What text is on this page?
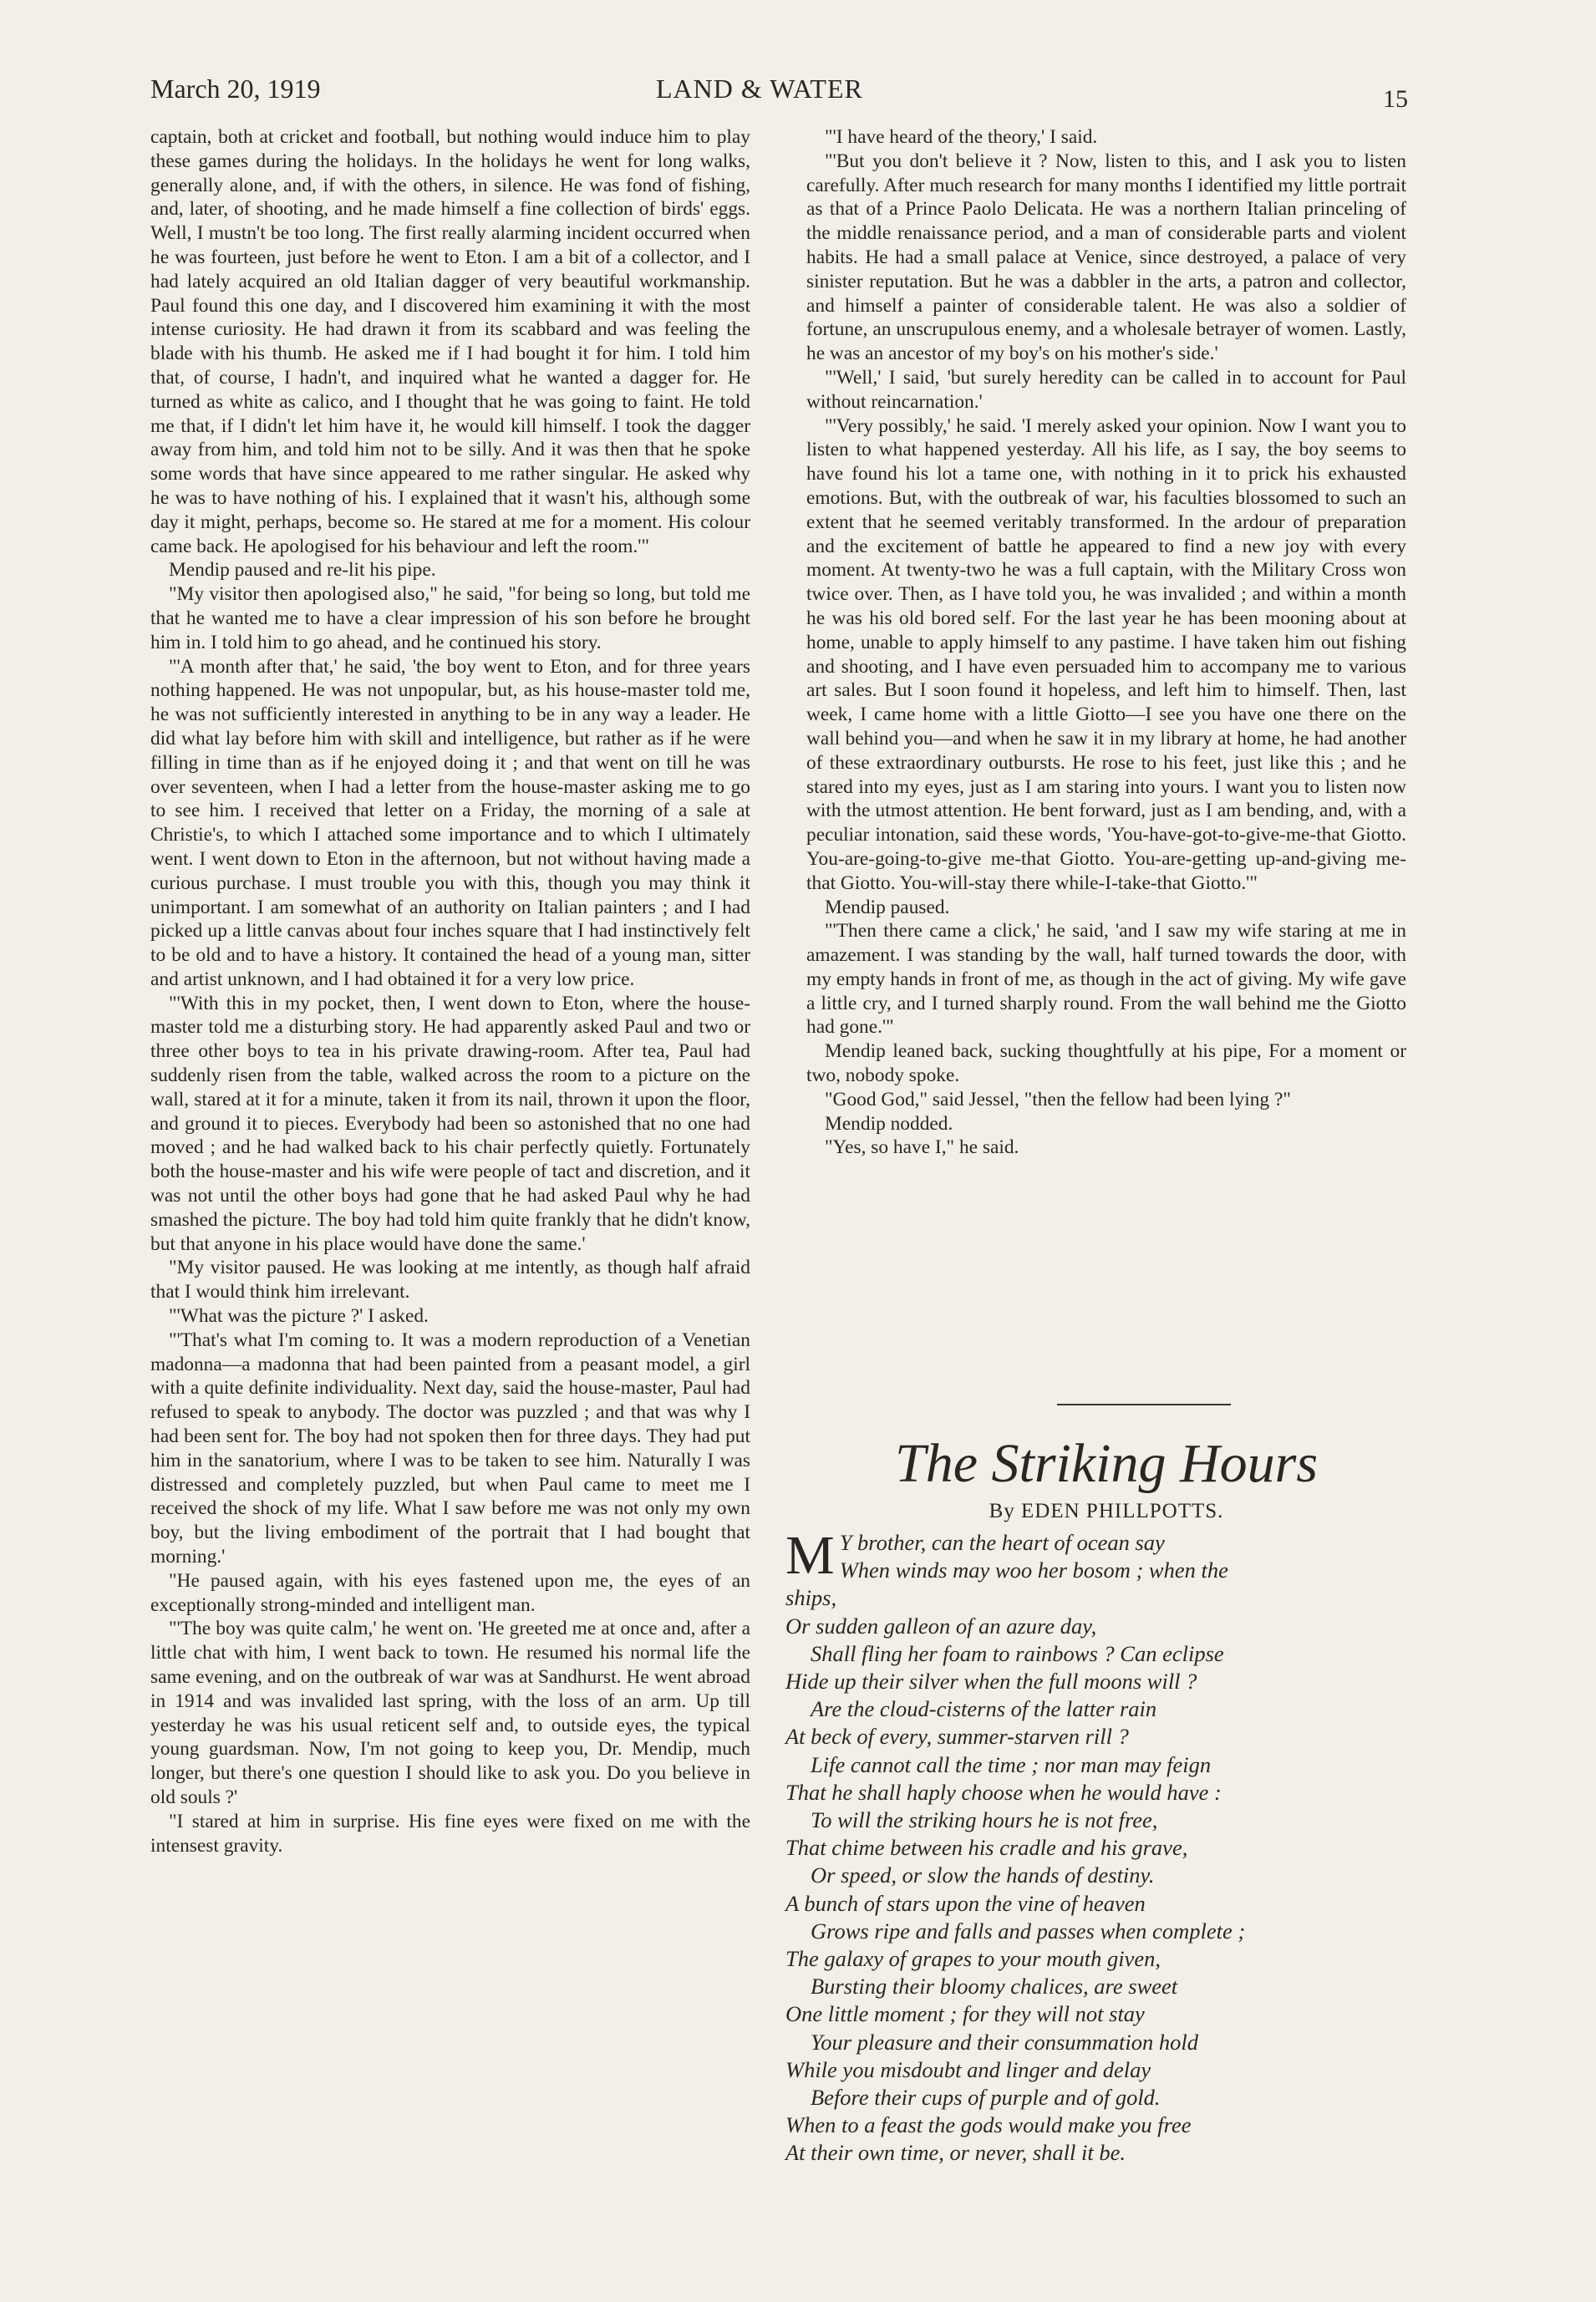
March 20, 1919	LAND & WATER	15

captain, both at cricket and football, but nothing would induce him to play these games during the holidays. In the holidays he went for long walks, generally alone, and, if with the others, in silence. He was fond of fishing, and, later, of shooting, and he made himself a fine collection of birds' eggs. Well, I mustn't be too long. The first really alarming incident occurred when he was fourteen, just before he went to Eton. I am a bit of a collector, and I had lately acquired an old Italian dagger of very beautiful workmanship. Paul found this one day, and I discovered him examining it with the most intense curiosity. He had drawn it from its scabbard and was feeling the blade with his thumb. He asked me if I had bought it for him. I told him that, of course, I hadn't, and inquired what he wanted a dagger for. He turned as white as calico, and I thought that he was going to faint. He told me that, if I didn't let him have it, he would kill himself. I took the dagger away from him, and told him not to be silly. And it was then that he spoke some words that have since appeared to me rather singular. He asked why he was to have nothing of his. I explained that it wasn't his, although some day it might, perhaps, become so. He stared at me for a moment. His colour came back. He apologised for his behaviour and left the room.'"

Mendip paused and re-lit his pipe.

"My visitor then apologised also," he said, "for being so long, but told me that he wanted me to have a clear impression of his son before he brought him in. I told him to go ahead, and he continued his story.

"'A month after that,' he said, 'the boy went to Eton, and for three years nothing happened. He was not unpopular, but, as his house-master told me, he was not sufficiently interested in anything to be in any way a leader. He did what lay before him with skill and intelligence, but rather as if he were filling in time than as if he enjoyed doing it ; and that went on till he was over seventeen, when I had a letter from the house-master asking me to go to see him. I received that letter on a Friday, the morning of a sale at Christie's, to which I attached some importance and to which I ultimately went. I went down to Eton in the afternoon, but not without having made a curious purchase. I must trouble you with this, though you may think it unimportant. I am somewhat of an authority on Italian painters ; and I had picked up a little canvas about four inches square that I had instinctively felt to be old and to have a history. It contained the head of a young man, sitter and artist unknown, and I had obtained it for a very low price.

"'With this in my pocket, then, I went down to Eton, where the house-master told me a disturbing story. He had apparently asked Paul and two or three other boys to tea in his private drawing-room. After tea, Paul had suddenly risen from the table, walked across the room to a picture on the wall, stared at it for a minute, taken it from its nail, thrown it upon the floor, and ground it to pieces. Everybody had been so astonished that no one had moved ; and he had walked back to his chair perfectly quietly. Fortunately both the house-master and his wife were people of tact and discretion, and it was not until the other boys had gone that he had asked Paul why he had smashed the picture. The boy had told him quite frankly that he didn't know, but that anyone in his place would have done the same.'

"My visitor paused. He was looking at me intently, as though half afraid that I would think him irrelevant.

"'What was the picture ?' I asked.

"'That's what I'm coming to. It was a modern reproduction of a Venetian madonna—a madonna that had been painted from a peasant model, a girl with a quite definite individuality. Next day, said the house-master, Paul had refused to speak to anybody. The doctor was puzzled ; and that was why I had been sent for. The boy had not spoken then for three days. They had put him in the sanatorium, where I was to be taken to see him. Naturally I was distressed and completely puzzled, but when Paul came to meet me I received the shock of my life. What I saw before me was not only my own boy, but the living embodiment of the portrait that I had bought that morning.'

"He paused again, with his eyes fastened upon me, the eyes of an exceptionally strong-minded and intelligent man.

"'The boy was quite calm,' he went on. 'He greeted me at once and, after a little chat with him, I went back to town. He resumed his normal life the same evening, and on the outbreak of war was at Sandhurst. He went abroad in 1914 and was invalided last spring, with the loss of an arm. Up till yesterday he was his usual reticent self and, to outside eyes, the typical young guardsman. Now, I'm not going to keep you, Dr. Mendip, much longer, but there's one question I should like to ask you. Do you believe in old souls ?'

"I stared at him in surprise. His fine eyes were fixed on me with the intensest gravity.

"'I have heard of the theory,' I said.

"'But you don't believe it ? Now, listen to this, and I ask you to listen carefully. After much research for many months I identified my little portrait as that of a Prince Paolo Delicata. He was a northern Italian princeling of the middle renaissance period, and a man of considerable parts and violent habits. He had a small palace at Venice, since destroyed, a palace of very sinister reputation. But he was a dabbler in the arts, a patron and collector, and himself a painter of considerable talent. He was also a soldier of fortune, an unscrupulous enemy, and a wholesale betrayer of women. Lastly, he was an ancestor of my boy's on his mother's side.'

"'Well,' I said, 'but surely heredity can be called in to account for Paul without reincarnation.'

"'Very possibly,' he said. 'I merely asked your opinion. Now I want you to listen to what happened yesterday. All his life, as I say, the boy seems to have found his lot a tame one, with nothing in it to prick his exhausted emotions. But, with the outbreak of war, his faculties blossomed to such an extent that he seemed veritably transformed. In the ardour of preparation and the excitement of battle he appeared to find a new joy with every moment. At twenty-two he was a full captain, with the Military Cross won twice over. Then, as I have told you, he was invalided ; and within a month he was his old bored self. For the last year he has been mooning about at home, unable to apply himself to any pastime. I have taken him out fishing and shooting, and I have even persuaded him to accompany me to various art sales. But I soon found it hopeless, and left him to himself. Then, last week, I came home with a little Giotto—I see you have one there on the wall behind you—and when he saw it in my library at home, he had another of these extraordinary outbursts. He rose to his feet, just like this ; and he stared into my eyes, just as I am staring into yours. I want you to listen now with the utmost attention. He bent forward, just as I am bending, and, with a peculiar intonation, said these words, 'You-have-got-to-give-me-that Giotto. You-are-going-to-give me-that Giotto. You-are-getting up-and-giving me-that Giotto. You-will-stay there while-I-take-that Giotto.'"

Mendip paused.

"'Then there came a click,' he said, 'and I saw my wife staring at me in amazement. I was standing by the wall, half turned towards the door, with my empty hands in front of me, as though in the act of giving. My wife gave a little cry, and I turned sharply round. From the wall behind me the Giotto had gone.'"

Mendip leaned back, sucking thoughtfully at his pipe, For a moment or two, nobody spoke.

"Good God," said Jessel, "then the fellow had been lying ?"

Mendip nodded.

"Yes, so have I," he said.

The Striking Hours
By EDEN PHILLPOTTS.
M Y brother, can the heart of ocean say
When winds may woo her bosom ; when the
ships,
Or sudden galleon of an azure day,
Shall fling her foam to rainbows ? Can eclipse
Hide up their silver when the full moons will ?
Are the cloud-cisterns of the latter rain
At beck of every, summer-starven rill ?
Life cannot call the time ; nor man may feign
That he shall haply choose when he would have :
To will the striking hours he is not free,
That chime between his cradle and his grave,
Or speed, or slow the hands of destiny.
A bunch of stars upon the vine of heaven
Grows ripe and falls and passes when complete ;
The galaxy of grapes to your mouth given,
Bursting their bloomy chalices, are sweet
One little moment ; for they will not stay
Your pleasure and their consummation hold
While you misdoubt and linger and delay
Before their cups of purple and of gold.
When to a feast the gods would make you free
At their own time, or never, shall it be.
